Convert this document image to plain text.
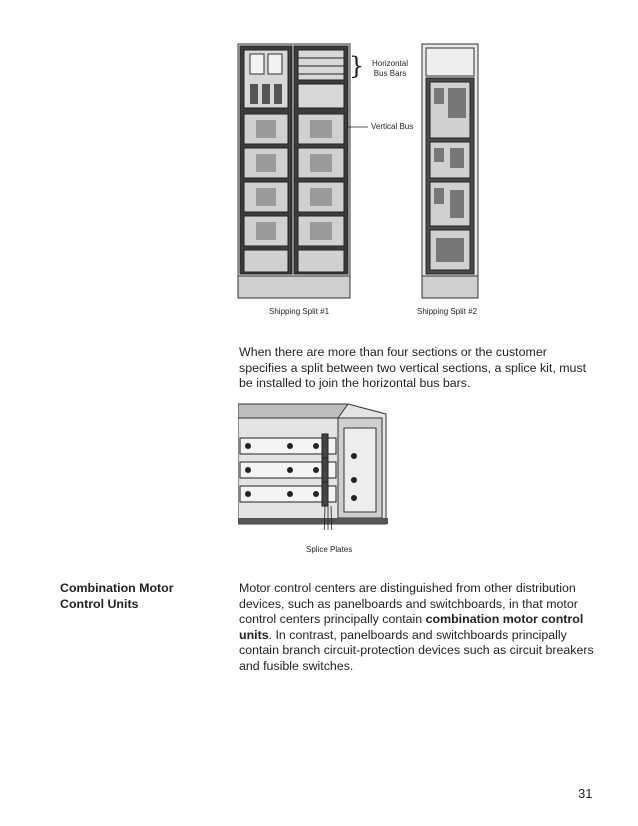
} Horizontal Bus Bars
Vertical Bus
Shipping Split #1	Shipping Split #2

When there are more than four sections or the customer specifies a split between two vertical sections, a splice kit, must be installed to join the horizontal bus bars.

Splice Plates
Combination Motor Control Units

Motor control centers are distinguished from other distribution devices, such as panelboards and switchboards, in that motor control centers principally contain combination motor control units. In contrast, panelboards and switchboards principally contain branch circuit-protection devices such as circuit breakers and fusible switches.

31
